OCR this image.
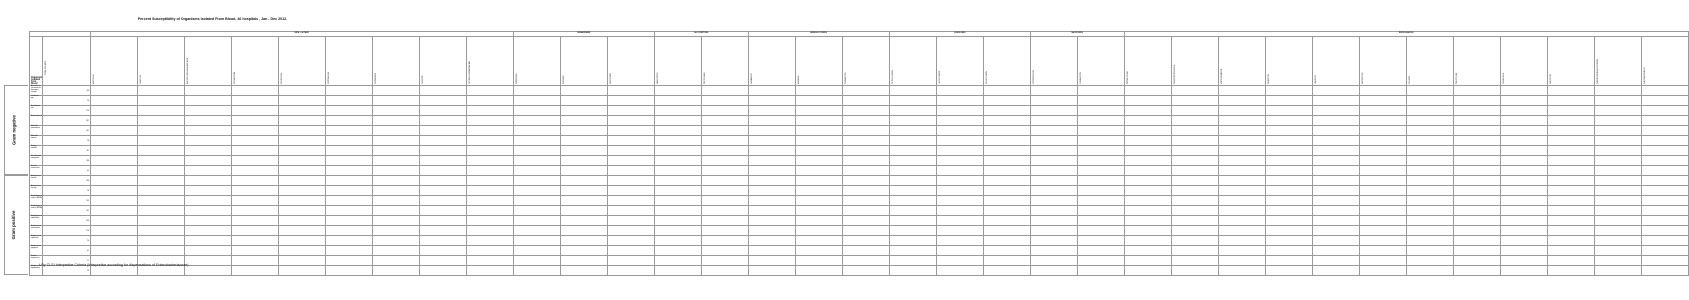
Percent Susceptibility of Organisms Isolated From Blood, 46 hospitals , Jan - Dec 2012.
Gram negative
Gram positive
		BETA - LACTAMS									CARBAPENEMS			GLYCOPEPTIDES		AMINOGLYCOSIDES			QUINOLONES			MACROLIDES		MISCELLANEOUS											
Organism isolated from blood	TOTAL ISOLATES	AMPICILLIN	OXACILLIN	AMOXICILLIN/CLAVULANIC ACID	CEPHALOTHIN	CEFUROXIME	CEFTRIAXONE	CEFTAZIDIME	CEFEPIME	PIPERACILLIN/TAZOBACTAM	ERTAPENEM	IMIPENEM	MEROPENEM	VANCOMYCIN	TEICOPLANIN	GENTAMICIN	AMIKACIN	TOBRAMYCIN	CIPROFLOXACIN	LEVOFLOXACIN	MOXIFLOXACIN	ERYTHROMYCIN	CLINDAMYCIN	TETRACYCLINE	TRIMETHOPRIM/SULFA	NITROFURANTOIN	RIFAMPICIN	LINEZOLID	DAPTOMYCIN	COLISTIN	TIGECYCLINE	FUSIDIC ACID	MUPIROCIN	QUINUPRISTIN/DALFOPRISTIN	CHLORAMPHENICOL

Acinetobacter calcoaceticus-baumannii complex	118																																		
Citrobacter spp.	36																																		
Enterobacter spp.	193																																		
Escherichia coli	817																																		
Klebsiella pneumoniae	612																																		
Klebsiella oxytoca	58																																		
Proteus mirabilis	111																																		
Pseudomonas aeruginosa	298																																		
Serratia marcescens	61																																		
Enterococcus faecalis	186																																		
Enterococcus faecium	98																																		
Staphylococcus aureus (MSSA)	524																																		
Staphylococcus aureus (MRSA)	187																																		
Staphylococcus epidermidis	603																																		
Streptococcus pneumoniae	128																																		
Streptococcus agalactiae	54																																		
Streptococcus pyogenes	41																																		
Viridans streptococci	57																																		
Streptococcus dysgalactiae	18																																		
* By CLSI Interpretive Criteria (Interpretive according for dispensations of Enterobacteriaceae)
